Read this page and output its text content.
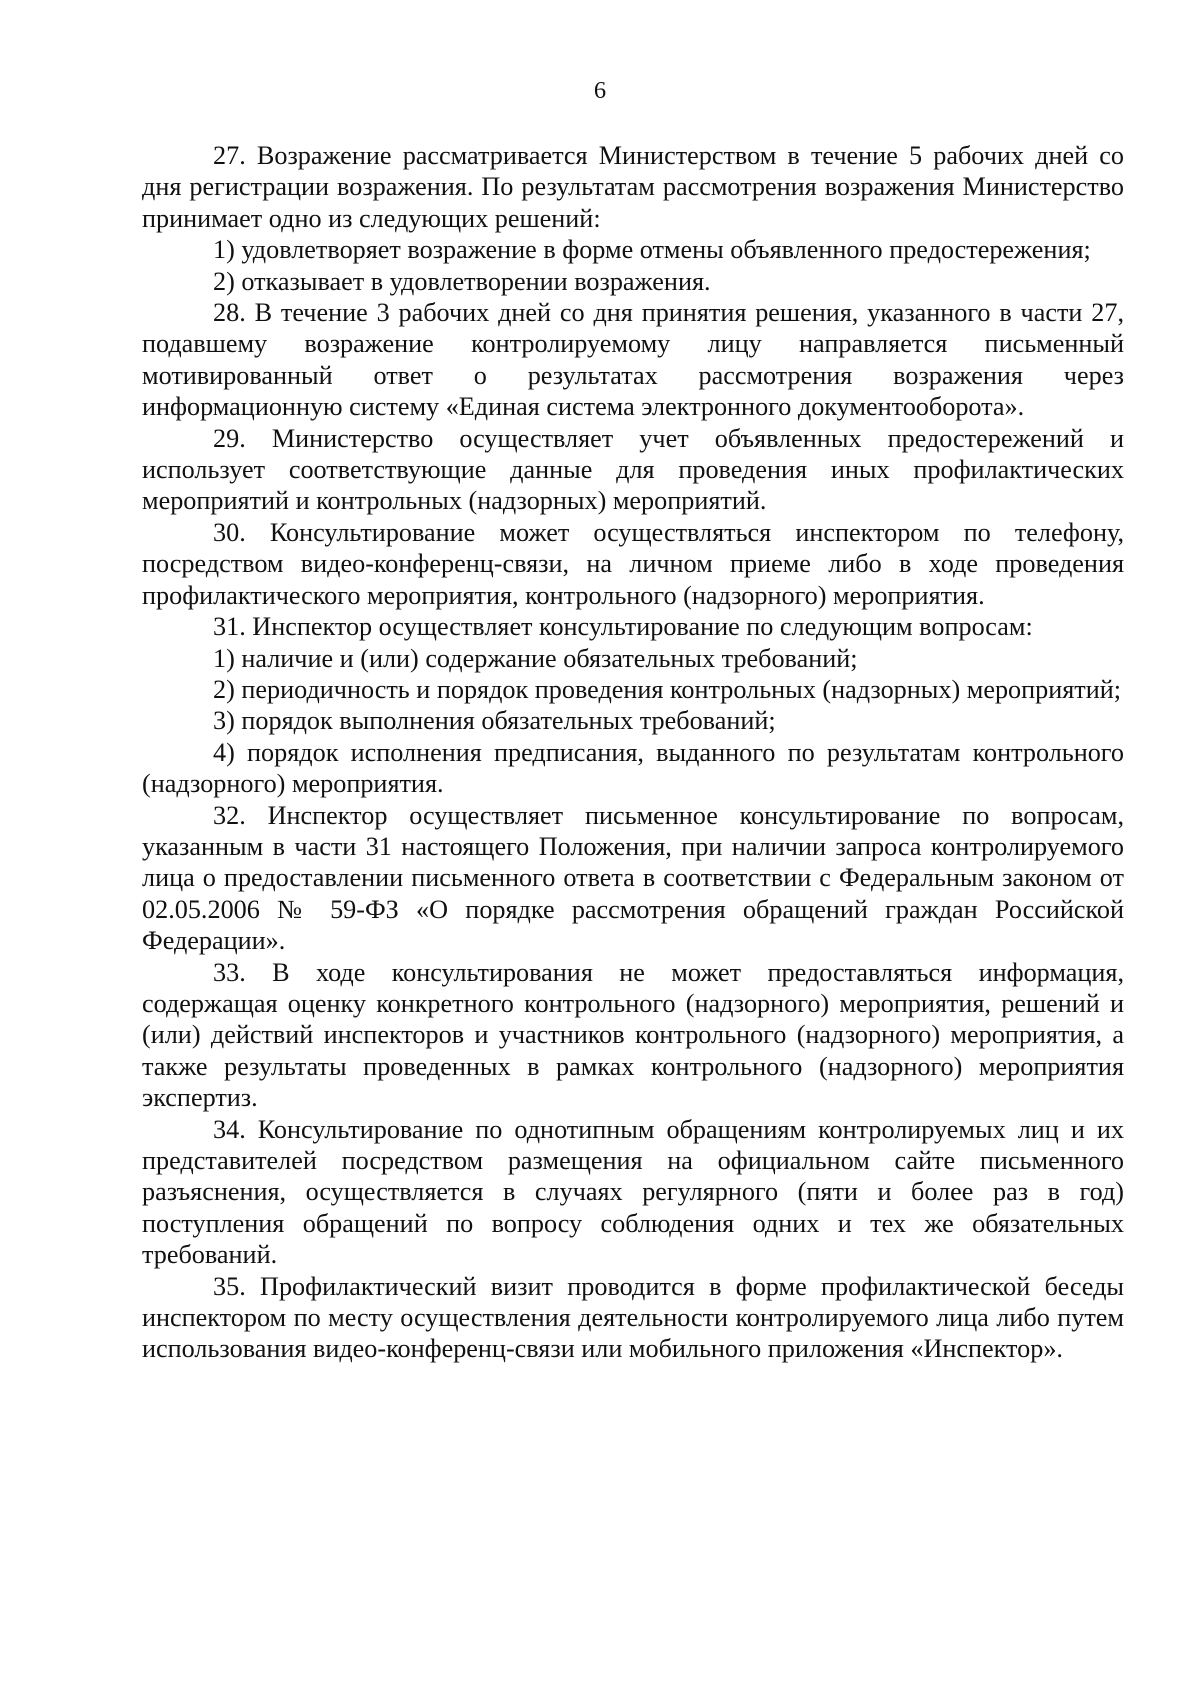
6

27. Возражение рассматривается Министерством в течение 5 рабочих дней со дня регистрации возражения. По результатам рассмотрения возражения Министерство принимает одно из следующих решений:

1) удовлетворяет возражение в форме отмены объявленного предостережения;

2) отказывает в удовлетворении возражения.

28. В течение 3 рабочих дней со дня принятия решения, указанного в части 27, подавшему возражение контролируемому лицу направляется письменный мотивированный ответ о результатах рассмотрения возражения через информационную систему «Единая система электронного документооборота».

29. Министерство осуществляет учет объявленных предостережений и использует соответствующие данные для проведения иных профилактических мероприятий и контрольных (надзорных) мероприятий.

30. Консультирование может осуществляться инспектором по телефону, посредством видео-конференц-связи, на личном приеме либо в ходе проведения профилактического мероприятия, контрольного (надзорного) мероприятия.

31. Инспектор осуществляет консультирование по следующим вопросам:

1) наличие и (или) содержание обязательных требований;

2) периодичность и порядок проведения контрольных (надзорных) мероприятий;

3) порядок выполнения обязательных требований;

4) порядок исполнения предписания, выданного по результатам контрольного (надзорного) мероприятия.

32. Инспектор осуществляет письменное консультирование по вопросам, указанным в части 31 настоящего Положения, при наличии запроса контролируемого лица о предоставлении письменного ответа в соответствии с Федеральным законом от 02.05.2006 № 59-ФЗ «О порядке рассмотрения обращений граждан Российской Федерации».

33. В ходе консультирования не может предоставляться информация, содержащая оценку конкретного контрольного (надзорного) мероприятия, решений и (или) действий инспекторов и участников контрольного (надзорного) мероприятия, а также результаты проведенных в рамках контрольного (надзорного) мероприятия экспертиз.

34. Консультирование по однотипным обращениям контролируемых лиц и их представителей посредством размещения на официальном сайте письменного разъяснения, осуществляется в случаях регулярного (пяти и более раз в год) поступления обращений по вопросу соблюдения одних и тех же обязательных требований.

35. Профилактический визит проводится в форме профилактической беседы инспектором по месту осуществления деятельности контролируемого лица либо путем использования видео-конференц-связи или мобильного приложения «Инспектор».
